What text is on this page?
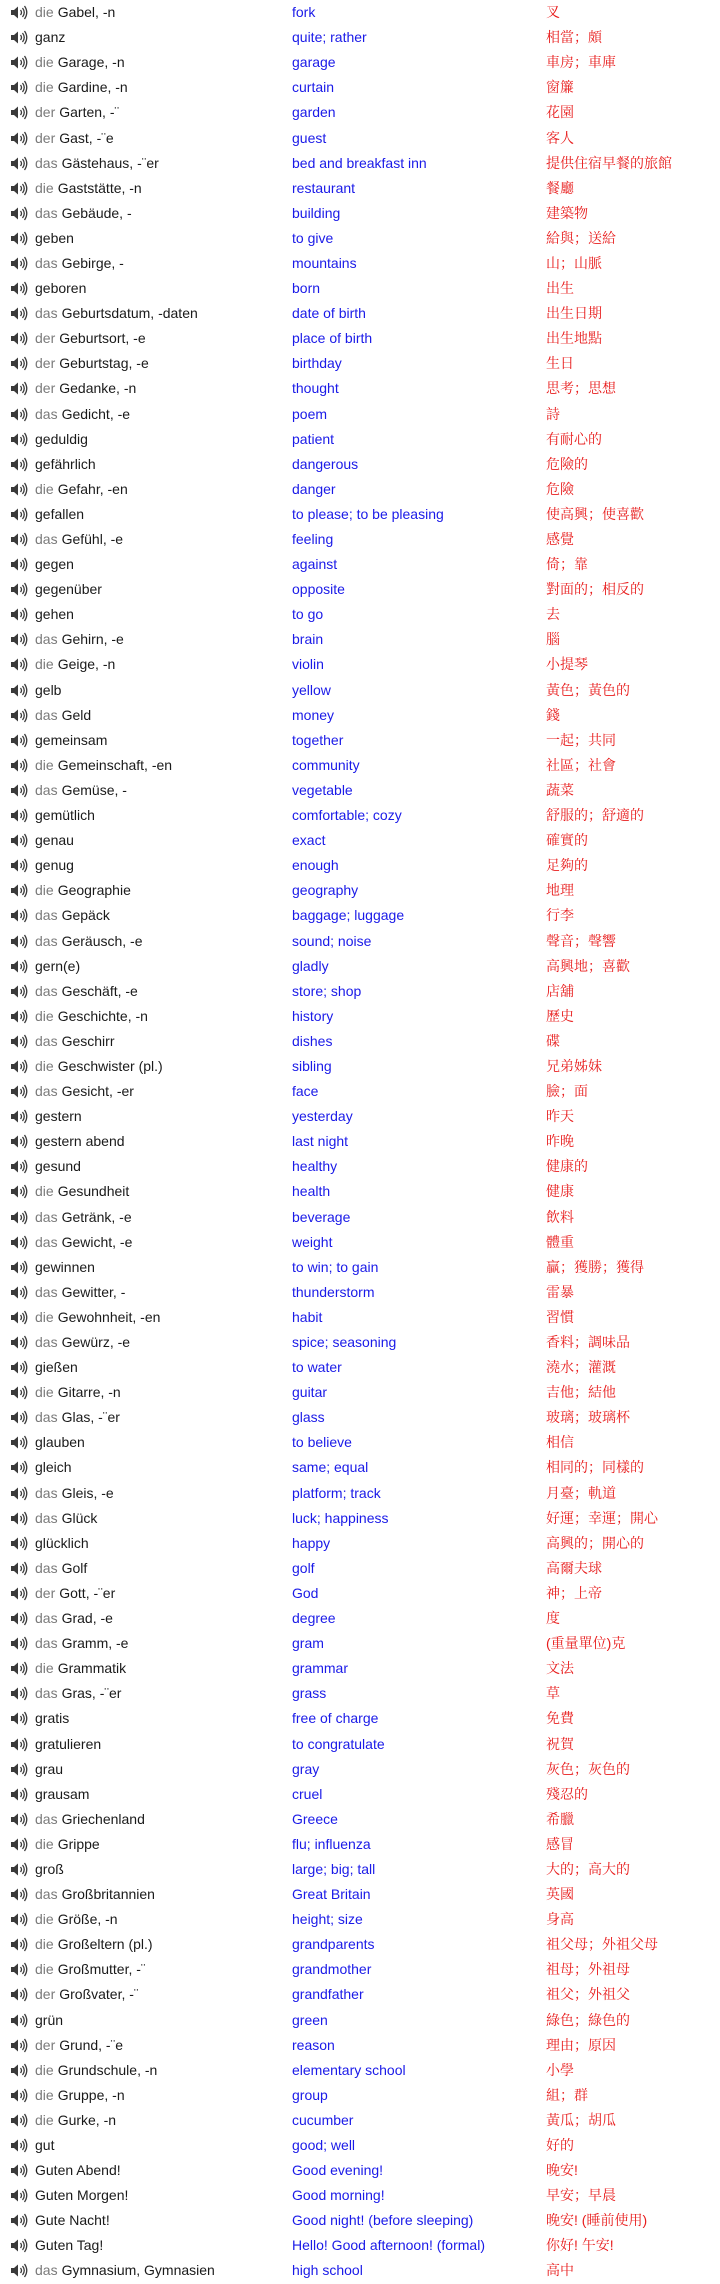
die Gabel, -n	fork	叉
ganz	quite; rather	相當；頗
die Garage, -n	garage	車房；車庫
die Gardine, -n	curtain	窗簾
der Garten, -¨	garden	花園
der Gast, -¨e	guest	客人
das Gästehaus, -¨er	bed and breakfast inn	提供住宿早餐的旅館
die Gaststätte, -n	restaurant	餐廳
das Gebäude, -	building	建築物
geben	to give	給與；送給
das Gebirge, -	mountains	山；山脈
geboren	born	出生
das Geburtsdatum, -daten	date of birth	出生日期
der Geburtsort, -e	place of birth	出生地點
der Geburtstag, -e	birthday	生日
der Gedanke, -n	thought	思考；思想
das Gedicht, -e	poem	詩
geduldig	patient	有耐心的
gefährlich	dangerous	危險的
die Gefahr, -en	danger	危險
gefallen	to please; to be pleasing	使高興；使喜歡
das Gefühl, -e	feeling	感覺
gegen	against	倚；靠
gegenüber	opposite	對面的；相反的
gehen	to go	去
das Gehirn, -e	brain	腦
die Geige, -n	violin	小提琴
gelb	yellow	黃色；黃色的
das Geld	money	錢
gemeinsam	together	一起；共同
die Gemeinschaft, -en	community	社區；社會
das Gemüse, -	vegetable	蔬菜
gemütlich	comfortable; cozy	舒服的；舒適的
genau	exact	確實的
genug	enough	足夠的
die Geographie	geography	地理
das Gepäck	baggage; luggage	行李
das Geräusch, -e	sound; noise	聲音；聲響
gern(e)	gladly	高興地；喜歡
das Geschäft, -e	store; shop	店舖
die Geschichte, -n	history	歷史
das Geschirr	dishes	碟
die Geschwister (pl.)	sibling	兄弟姊妹
das Gesicht, -er	face	臉；面
gestern	yesterday	昨天
gestern abend	last night	昨晚
gesund	healthy	健康的
die Gesundheit	health	健康
das Getränk, -e	beverage	飲料
das Gewicht, -e	weight	體重
gewinnen	to win; to gain	贏；獲勝；獲得
das Gewitter, -	thunderstorm	雷暴
die Gewohnheit, -en	habit	習慣
das Gewürz, -e	spice; seasoning	香料；調味品
gießen	to water	澆水；灌溉
die Gitarre, -n	guitar	吉他；結他
das Glas, -¨er	glass	玻璃；玻璃杯
glauben	to believe	相信
gleich	same; equal	相同的；同樣的
das Gleis, -e	platform; track	月臺；軌道
das Glück	luck; happiness	好運；幸運；開心
glücklich	happy	高興的；開心的
das Golf	golf	高爾夫球
der Gott, -¨er	God	神；上帝
das Grad, -e	degree	度
das Gramm, -e	gram	(重量單位)克
die Grammatik	grammar	文法
das Gras, -¨er	grass	草
gratis	free of charge	免費
gratulieren	to congratulate	祝賀
grau	gray	灰色；灰色的
grausam	cruel	殘忍的
das Griechenland	Greece	希臘
die Grippe	flu; influenza	感冒
groß	large; big; tall	大的；高大的
das Großbritannien	Great Britain	英國
die Größe, -n	height; size	身高
die Großeltern (pl.)	grandparents	祖父母；外祖父母
die Großmutter, -¨	grandmother	祖母；外祖母
der Großvater, -¨	grandfather	祖父；外祖父
grün	green	綠色；綠色的
der Grund, -¨e	reason	理由；原因
die Grundschule, -n	elementary school	小學
die Gruppe, -n	group	組；群
die Gurke, -n	cucumber	黃瓜；胡瓜
gut	good; well	好的
Guten Abend!	Good evening!	晚安!
Guten Morgen!	Good morning!	早安；早晨
Gute Nacht!	Good night! (before sleeping)	晚安! (睡前使用)
Guten Tag!	Hello! Good afternoon! (formal)	你好! 午安!
das Gymnasium, Gymnasien	high school	高中
